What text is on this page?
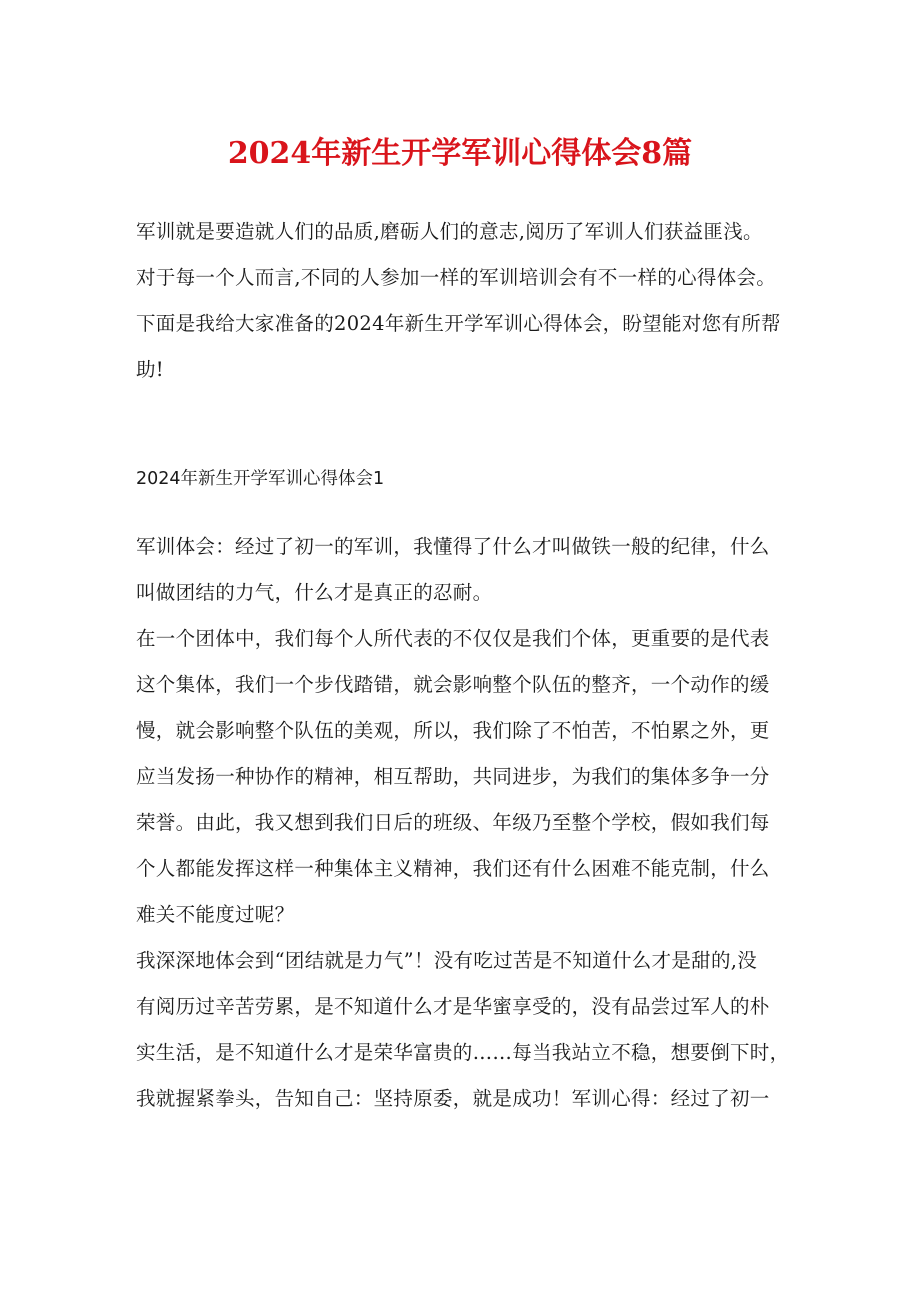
2024年新生开学军训心得体会8篇

军训就是要造就人们的品质,磨砺人们的意志,阅历了军训人们获益匪浅。

对于每一个人而言,不同的人参加一样的军训培训会有不一样的心得体会。

下面是我给大家准备的2024年新生开学军训心得体会，盼望能对您有所帮

助!

2024年新生开学军训心得体会1

军训体会：经过了初一的军训，我懂得了什么才叫做铁一般的纪律，什么

叫做团结的力气，什么才是真正的忍耐。

在一个团体中，我们每个人所代表的不仅仅是我们个体，更重要的是代表

这个集体，我们一个步伐踏错，就会影响整个队伍的整齐，一个动作的缓

慢，就会影响整个队伍的美观，所以，我们除了不怕苦，不怕累之外，更

应当发扬一种协作的精神，相互帮助，共同进步，为我们的集体多争一分

荣誉。由此，我又想到我们日后的班级、年级乃至整个学校，假如我们每

个人都能发挥这样一种集体主义精神，我们还有什么困难不能克制，什么

难关不能度过呢？

我深深地体会到“团结就是力气”！没有吃过苦是不知道什么才是甜的,没

有阅历过辛苦劳累，是不知道什么才是华蜜享受的，没有品尝过军人的朴

实生活，是不知道什么才是荣华富贵的……每当我站立不稳，想要倒下时，

我就握紧拳头，告知自己：坚持原委，就是成功！军训心得：经过了初一
